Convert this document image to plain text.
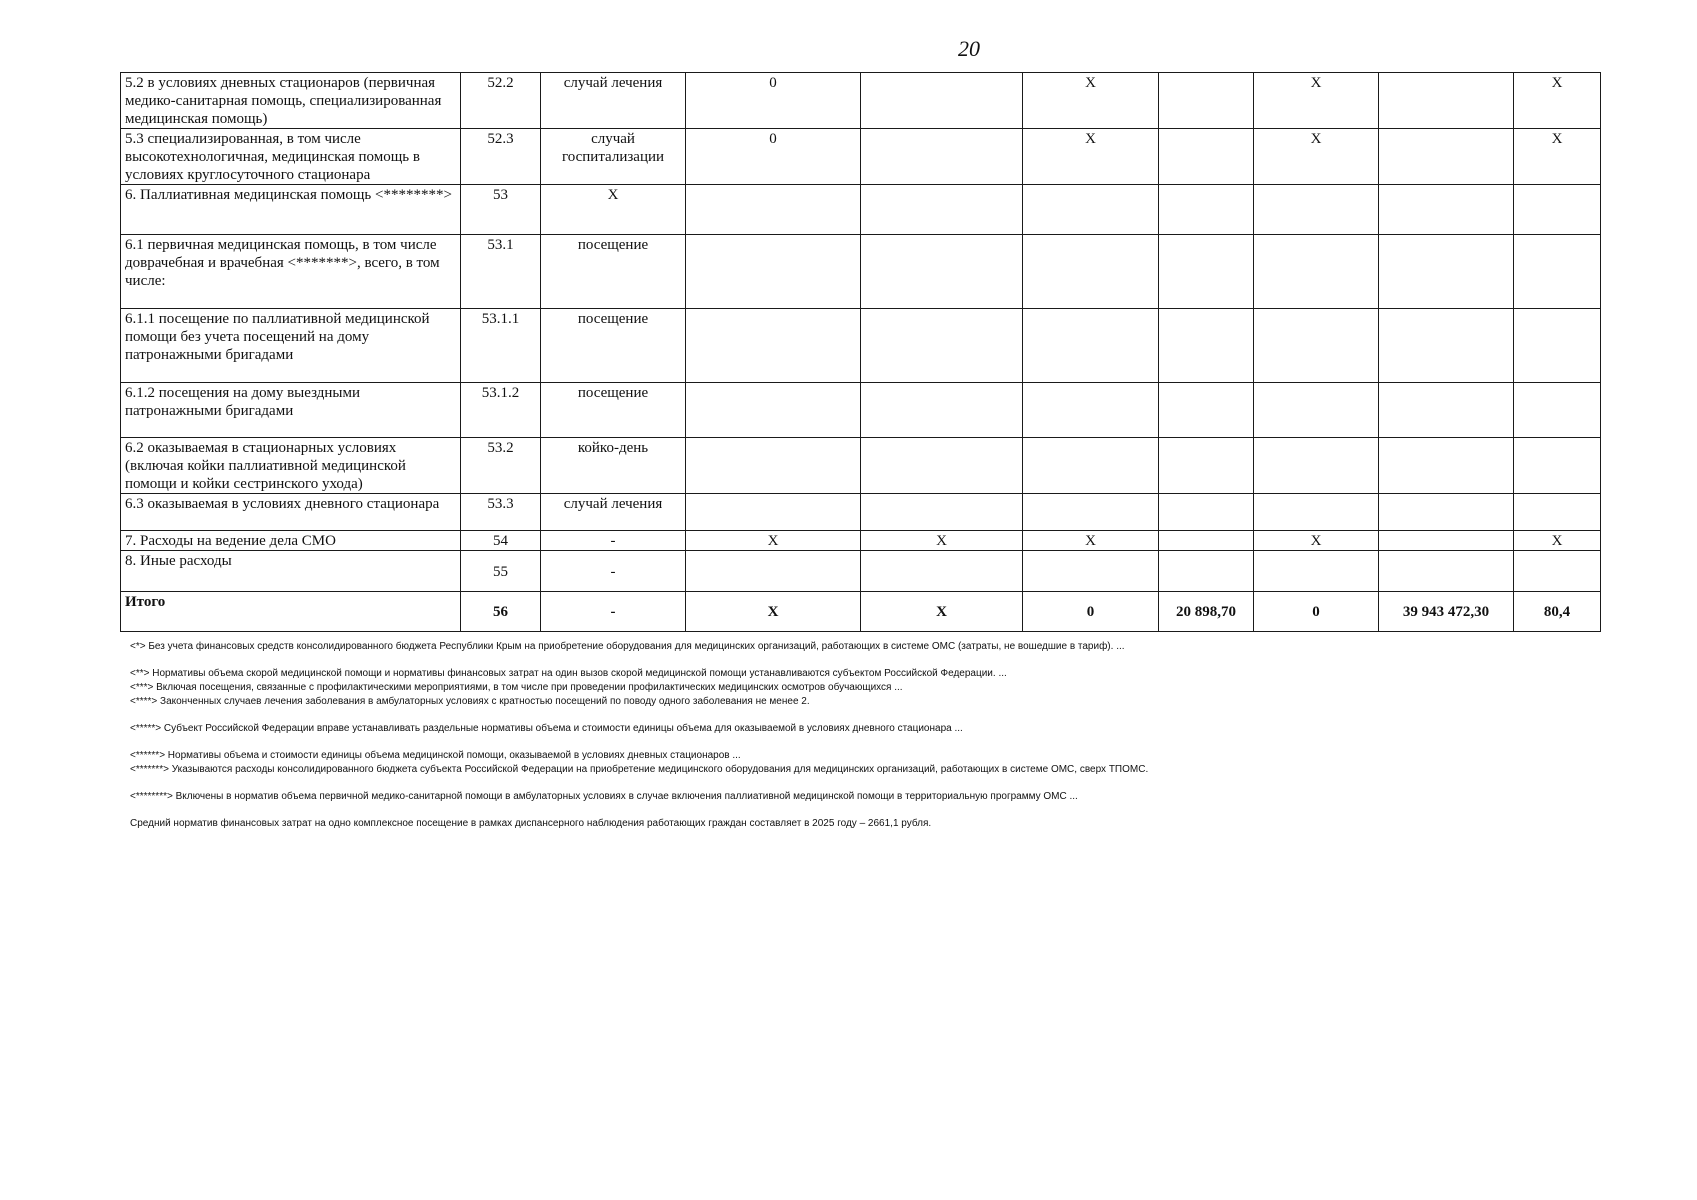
20
5.2 в условиях дневных стационаров (первичная медико-санитарная помощь, специализированная медицинская помощь)	52.2	случай лечения	0		X		X		X
5.3 специализированная, в том числе высокотехнологичная, медицинская помощь в условиях круглосуточного стационара	52.3	случай госпитализации	0		X		X		X
6. Паллиативная медицинская помощь <********>	53	X							
6.1 первичная медицинская помощь, в том числе доврачебная и врачебная <*******>, всего, в том числе:	53.1	посещение							
6.1.1 посещение по паллиативной медицинской помощи без учета посещений на дому патронажными бригадами	53.1.1	посещение							
6.1.2 посещения на дому выездными патронажными бригадами	53.1.2	посещение							
6.2 оказываемая в стационарных условиях (включая койки паллиативной медицинской помощи и койки сестринского ухода)	53.2	койко-день							
6.3 оказываемая в условиях дневного стационара	53.3	случай лечения							
7. Расходы на ведение дела СМО	54	-	X	X	X		X		X
8. Иные расходы	55	-							
Итого	56	-	X	X	0	20 898,70	0	39 943 472,30	80,4

<*> Без учета финансовых средств консолидированного бюджета Республики Крым на приобретение оборудования для медицинских организаций, работающих в системе ОМС (затраты, не вошедшие в тариф). ...

<**> Нормативы объема скорой медицинской помощи и нормативы финансовых затрат на один вызов скорой медицинской помощи устанавливаются субъектом Российской Федерации. ...

<***> Включая посещения, связанные с профилактическими мероприятиями, в том числе при проведении профилактических медицинских осмотров обучающихся ...

<****> Законченных случаев лечения заболевания в амбулаторных условиях с кратностью посещений по поводу одного заболевания не менее 2.

<*****> Субъект Российской Федерации вправе устанавливать раздельные нормативы объема и стоимости единицы объема для оказываемой в условиях дневного стационара ...

<******> Нормативы объема и стоимости единицы объема медицинской помощи, оказываемой в условиях дневных стационаров ...

<*******> Указываются расходы консолидированного бюджета субъекта Российской Федерации на приобретение медицинского оборудования для медицинских организаций, работающих в системе ОМС, сверх ТПОМС.

<********> Включены в норматив объема первичной медико-санитарной помощи в амбулаторных условиях в случае включения паллиативной медицинской помощи в территориальную программу ОМС ...

Средний норматив финансовых затрат на одно комплексное посещение в рамках диспансерного наблюдения работающих граждан составляет в 2025 году – 2661,1 рубля.
